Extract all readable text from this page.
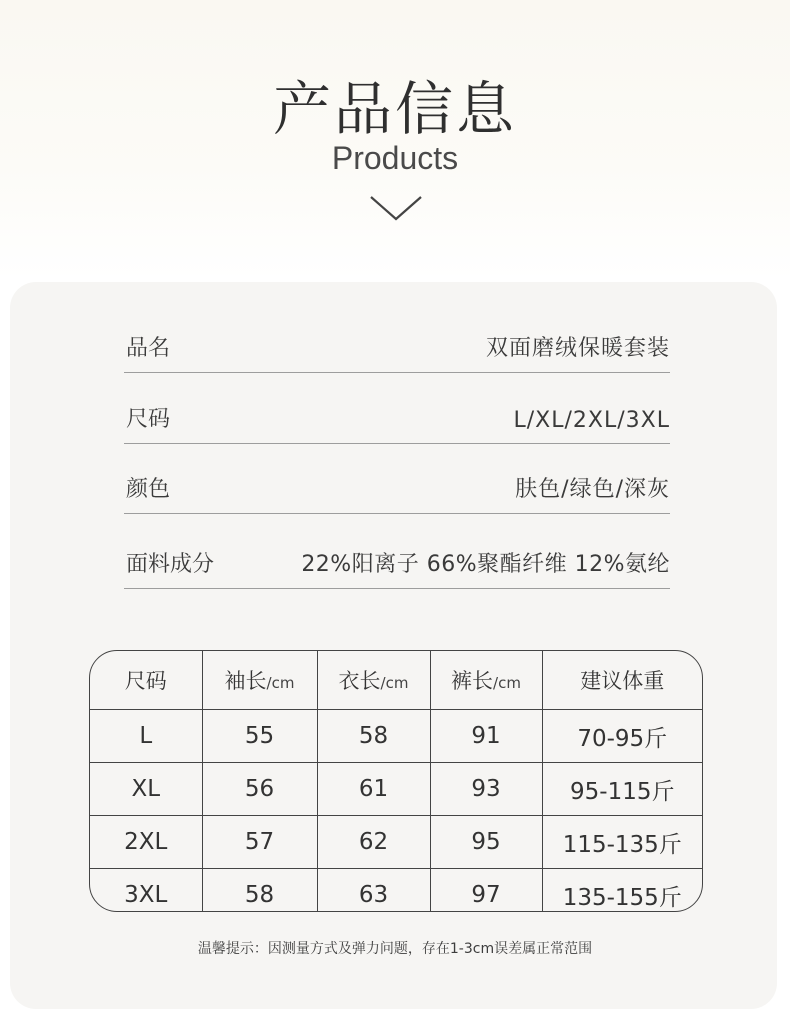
产品信息
Products
品名	双面磨绒保暖套装
尺码	L/XL/2XL/3XL
颜色	肤色/绿色/深灰
面料成分	22%阳离子 66%聚酯纤维 12%氨纶
尺码	袖长/cm	衣长/cm	裤长/cm	建议体重
L	55	58	91	70-95斤
XL	56	61	93	95-115斤
2XL	57	62	95	115-135斤
3XL	58	63	97	135-155斤
温馨提示：因测量方式及弹力问题，存在1-3cm误差属正常范围
